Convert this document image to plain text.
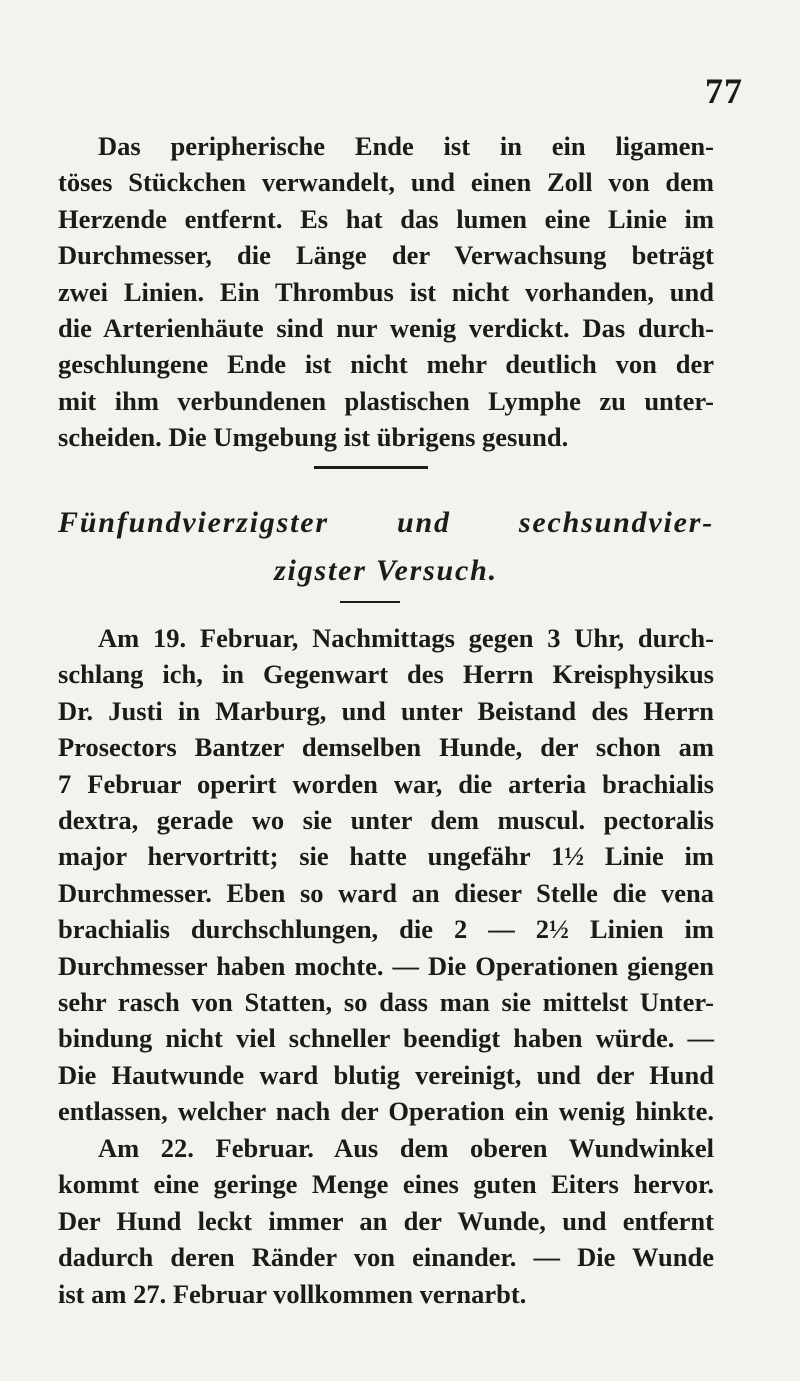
77
Das peripherische Ende ist in ein ligamen-
töses Stückchen verwandelt, und einen Zoll von dem
Herzende entfernt. Es hat das lumen eine Linie im
Durchmesser, die Länge der Verwachsung beträgt
zwei Linien. Ein Thrombus ist nicht vorhanden, und
die Arterienhäute sind nur wenig verdickt. Das durch-
geschlungene Ende ist nicht mehr deutlich von der
mit ihm verbundenen plastischen Lymphe zu unter-
scheiden. Die Umgebung ist übrigens gesund.
Fünfundvierzigster und sechsundvier-
zigster Versuch.
Am 19. Februar, Nachmittags gegen 3 Uhr, durch-
schlang ich, in Gegenwart des Herrn Kreisphysikus
Dr. Justi in Marburg, und unter Beistand des Herrn
Prosectors Bantzer demselben Hunde, der schon am
7 Februar operirt worden war, die arteria brachialis
dextra, gerade wo sie unter dem muscul. pectoralis
major hervortritt; sie hatte ungefähr 1½ Linie im
Durchmesser. Eben so ward an dieser Stelle die vena
brachialis durchschlungen, die 2 — 2½ Linien im
Durchmesser haben mochte. — Die Operationen giengen
sehr rasch von Statten, so dass man sie mittelst Unter-
bindung nicht viel schneller beendigt haben würde. —
Die Hautwunde ward blutig vereinigt, und der Hund
entlassen, welcher nach der Operation ein wenig hinkte.
Am 22. Februar. Aus dem oberen Wundwinkel
kommt eine geringe Menge eines guten Eiters hervor.
Der Hund leckt immer an der Wunde, und entfernt
dadurch deren Ränder von einander. — Die Wunde
ist am 27. Februar vollkommen vernarbt.
